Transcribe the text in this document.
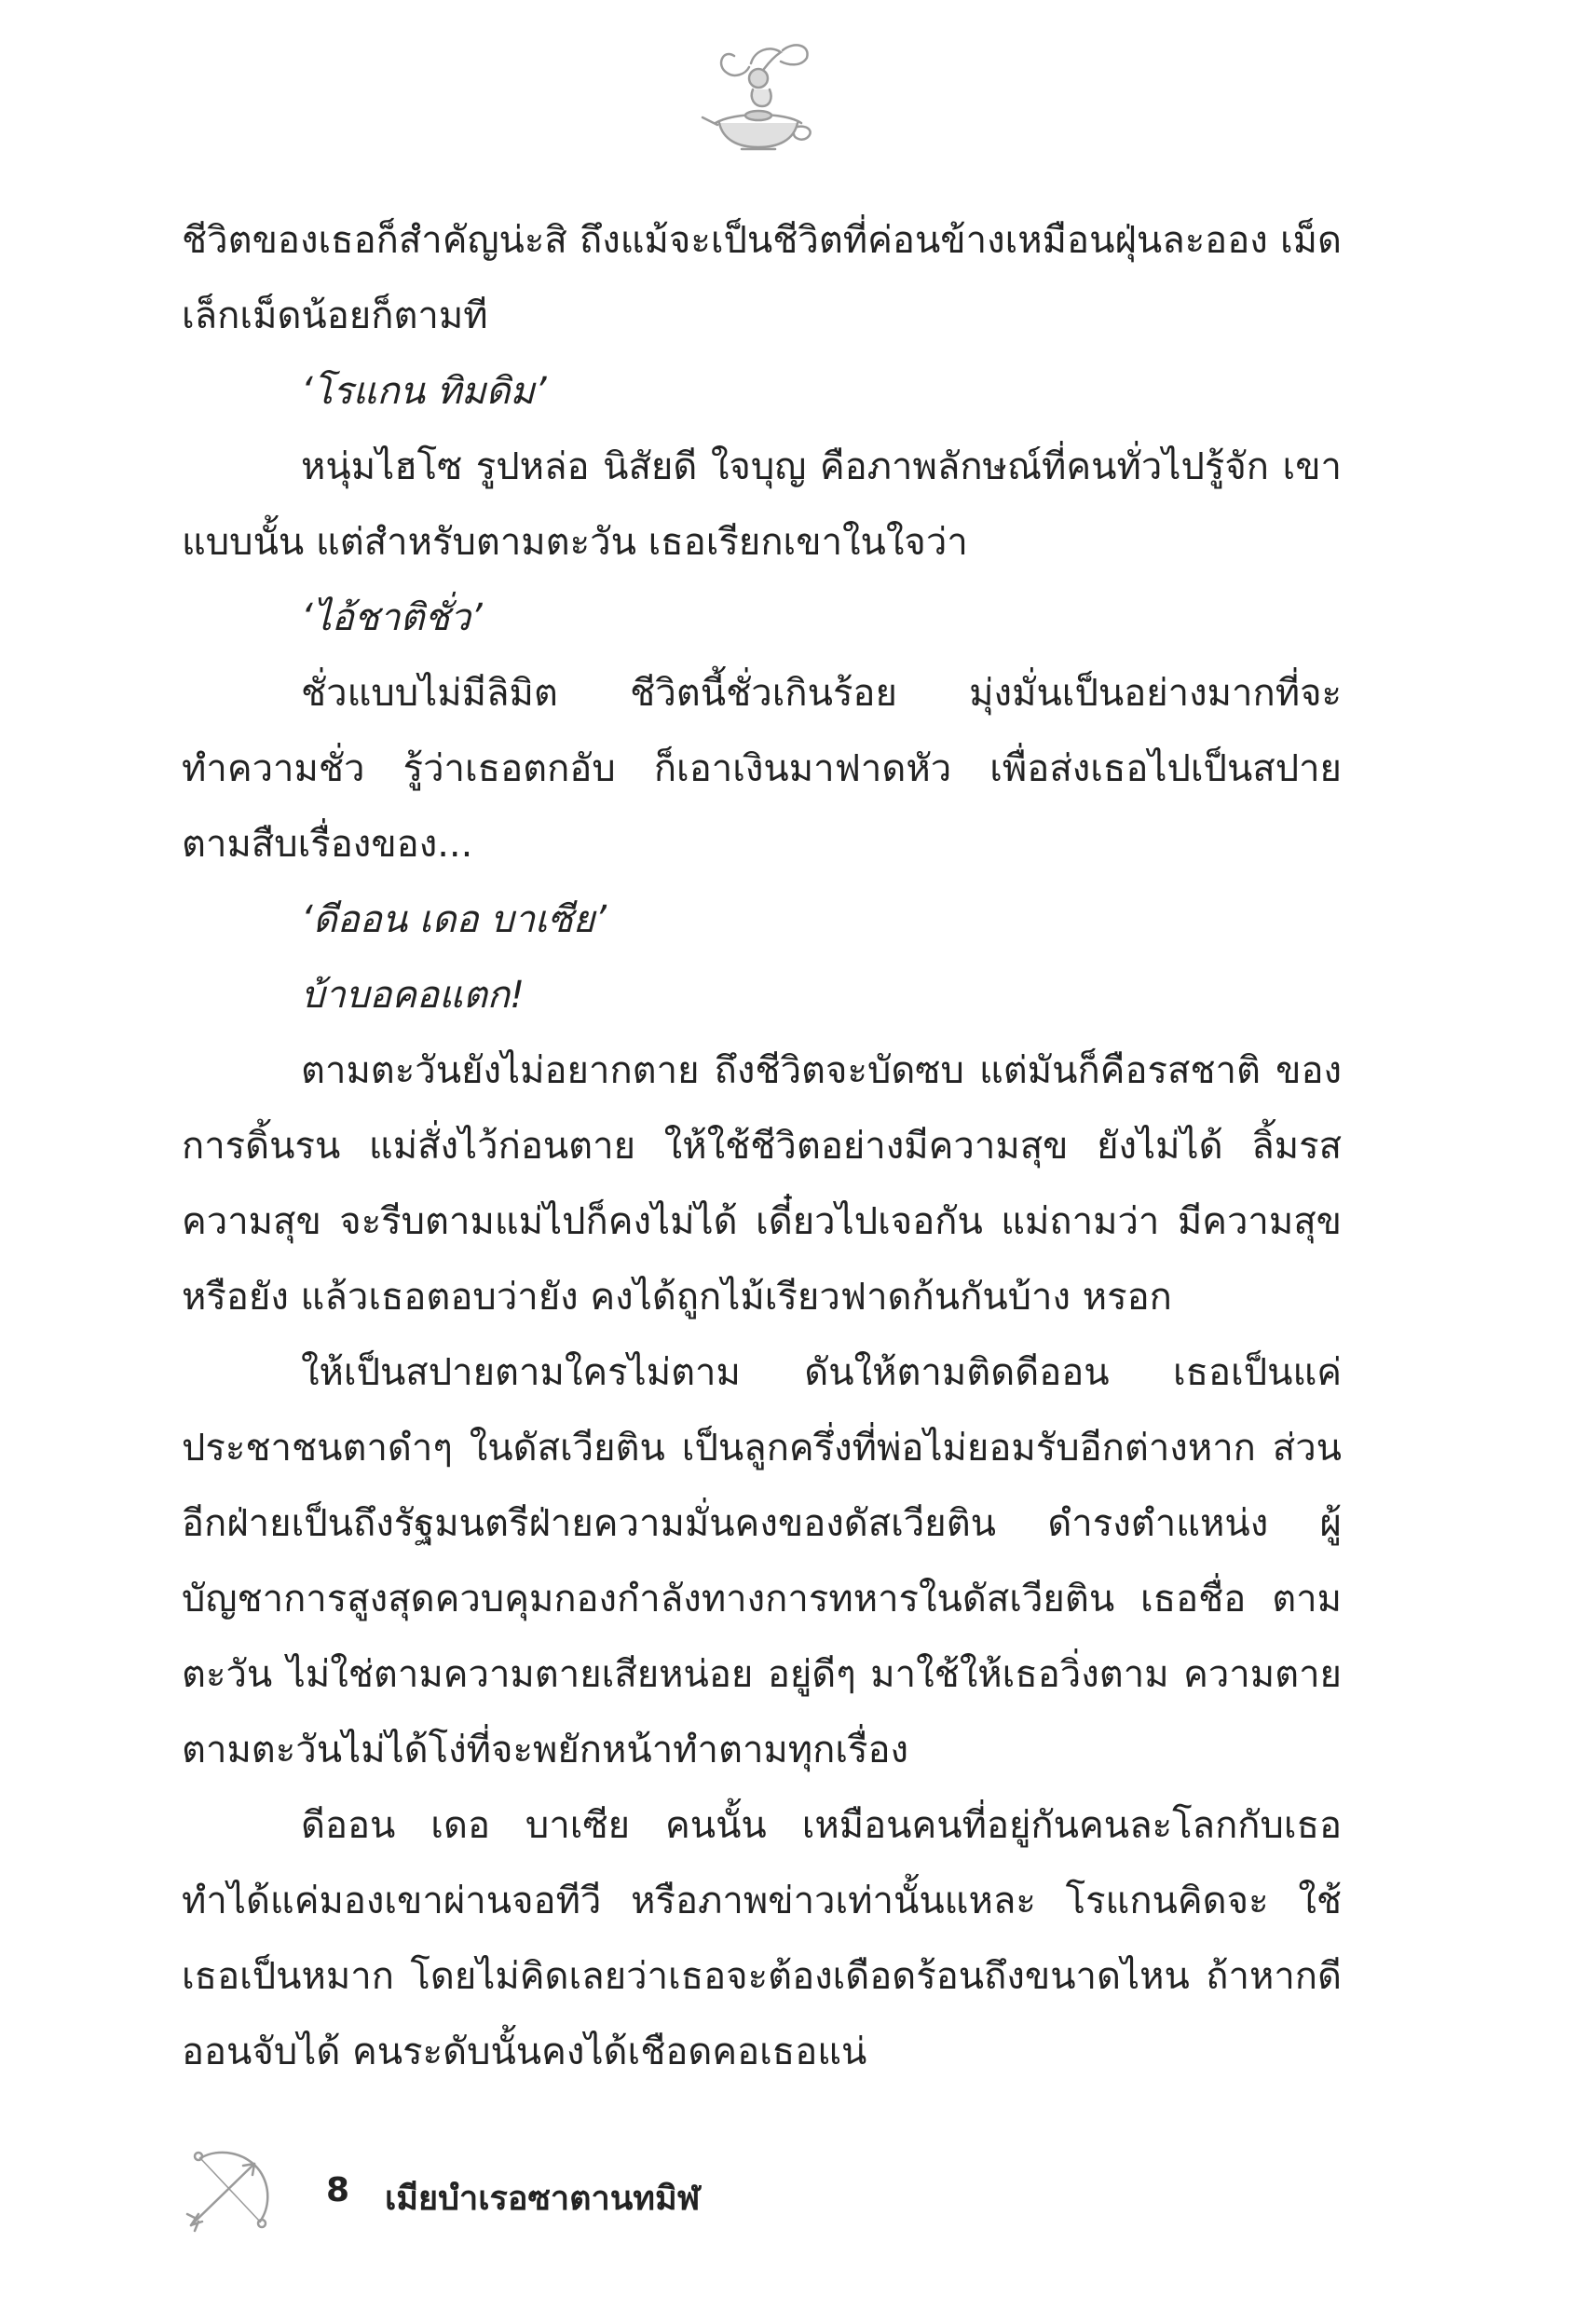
ชีวิตของเธอก็สำคัญน่ะสิ ถึงแม้จะเป็นชีวิตที่ค่อนข้างเหมือนฝุ่นละออง เม็ดเล็กเม็ดน้อยก็ตามที

‘โรแกน ทิมดิม’

หนุ่มไฮโซ รูปหล่อ นิสัยดี ใจบุญ คือภาพลักษณ์ที่คนทั่วไปรู้จัก เขาแบบนั้น แต่สำหรับตามตะวัน เธอเรียกเขาในใจว่า

‘ไอ้ชาติชั่ว’

ชั่วแบบไม่มีลิมิต ชีวิตนี้ชั่วเกินร้อย มุ่งมั่นเป็นอย่างมากที่จะ ทำความชั่ว รู้ว่าเธอตกอับ ก็เอาเงินมาฟาดหัว เพื่อส่งเธอไปเป็นสปาย ตามสืบเรื่องของ...

‘ดีออน เดอ บาเซีย’

บ้าบอคอแตก!

ตามตะวันยังไม่อยากตาย ถึงชีวิตจะบัดซบ แต่มันก็คือรสชาติ ของการดิ้นรน แม่สั่งไว้ก่อนตาย ให้ใช้ชีวิตอย่างมีความสุข ยังไม่ได้ ลิ้มรสความสุข จะรีบตามแม่ไปก็คงไม่ได้ เดี๋ยวไปเจอกัน แม่ถามว่า มีความสุขหรือยัง แล้วเธอตอบว่ายัง คงได้ถูกไม้เรียวฟาดก้นกันบ้าง หรอก

ให้เป็นสปายตามใครไม่ตาม ดันให้ตามติดดีออน เธอเป็นแค่ ประชาชนตาดำๆ ในดัสเวียติน เป็นลูกครึ่งที่พ่อไม่ยอมรับอีกต่างหาก ส่วนอีกฝ่ายเป็นถึงรัฐมนตรีฝ่ายความมั่นคงของดัสเวียติน ดำรงตำแหน่ง ผู้บัญชาการสูงสุดควบคุมกองกำลังทางการทหารในดัสเวียติน เธอชื่อ ตามตะวัน ไม่ใช่ตามความตายเสียหน่อย อยู่ดีๆ มาใช้ให้เธอวิ่งตาม ความตาย ตามตะวันไม่ได้โง่ที่จะพยักหน้าทำตามทุกเรื่อง

ดีออน เดอ บาเซีย คนนั้น เหมือนคนที่อยู่กันคนละโลกกับเธอ ทำได้แค่มองเขาผ่านจอทีวี หรือภาพข่าวเท่านั้นแหละ โรแกนคิดจะ ใช้เธอเป็นหมาก โดยไม่คิดเลยว่าเธอจะต้องเดือดร้อนถึงขนาดไหน ถ้าหากดีออนจับได้ คนระดับนั้นคงได้เชือดคอเธอแน่

8 เมียบำเรอซาตานทมิฬ
